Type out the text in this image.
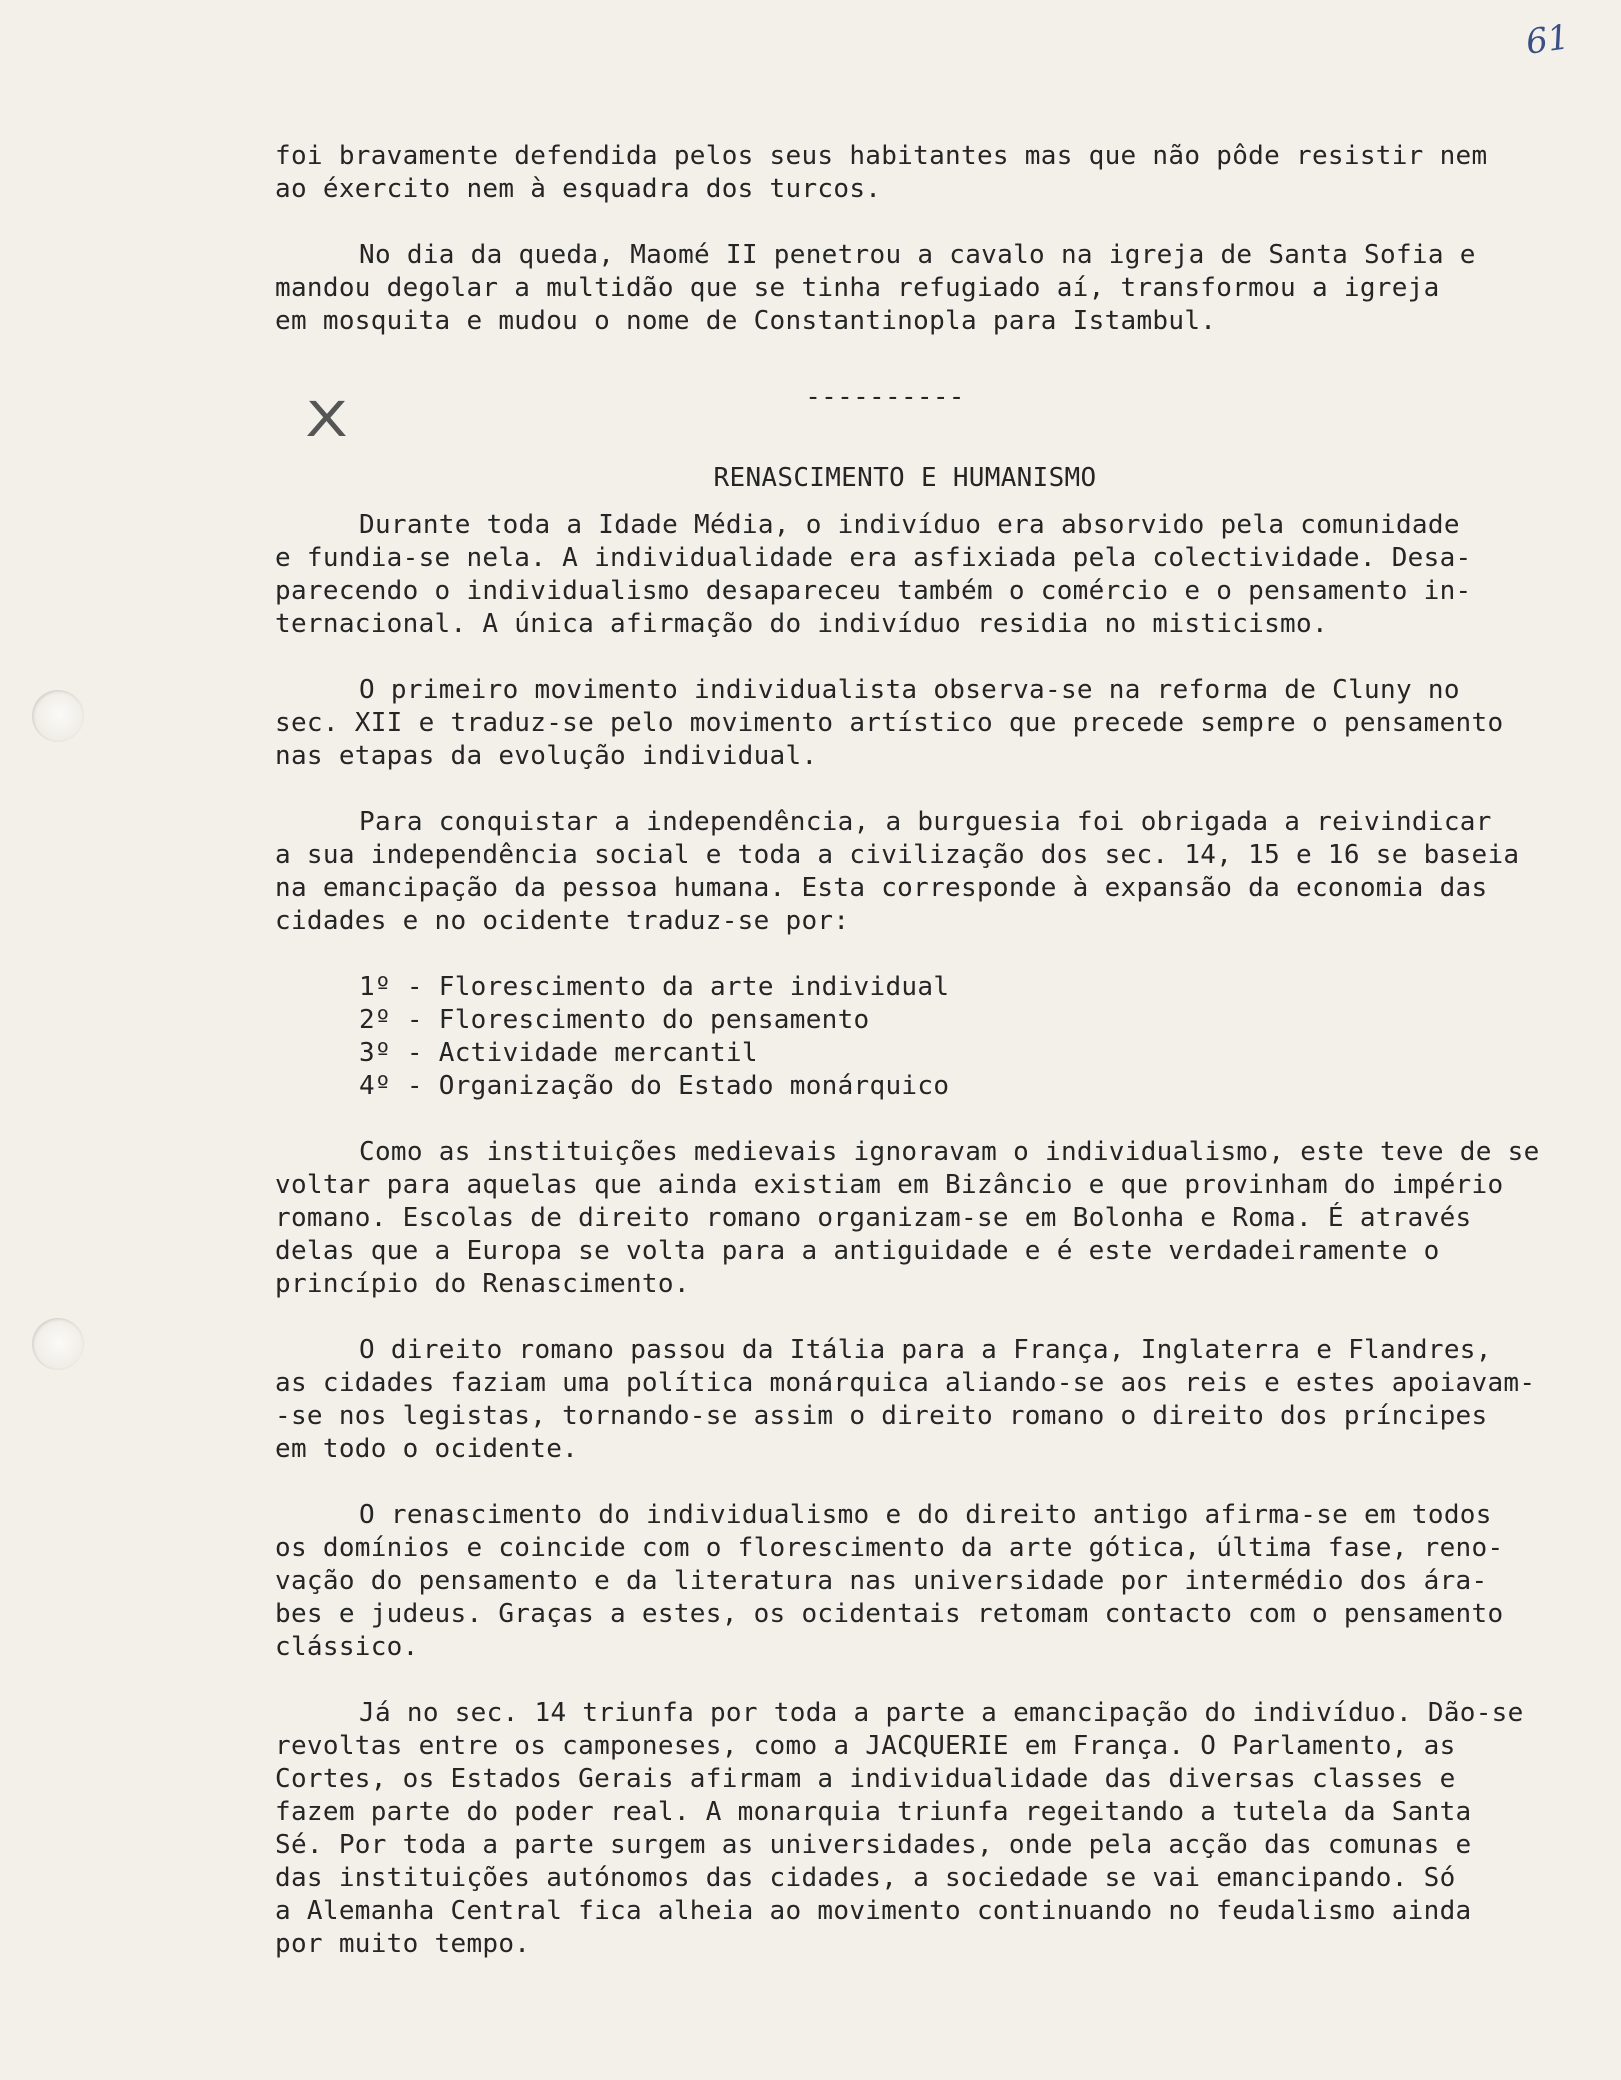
61
X
foi bravamente defendida pelos seus habitantes mas que não pôde resistir nem
ao éxercito nem à esquadra dos turcos.
No dia da queda, Maomé II penetrou a cavalo na igreja de Santa Sofia e
mandou degolar a multidão que se tinha refugiado aí, transformou a igreja
em mosquita e mudou o nome de Constantinopla para Istambul.
----------
RENASCIMENTO E HUMANISMO
Durante toda a Idade Média, o indivíduo era absorvido pela comunidade
e fundia-se nela. A individualidade era asfixiada pela colectividade. Desa-
parecendo o individualismo desapareceu também o comércio e o pensamento in-
ternacional. A única afirmação do indivíduo residia no misticismo.
O primeiro movimento individualista observa-se na reforma de Cluny no
sec. XII e traduz-se pelo movimento artístico que precede sempre o pensamento
nas etapas da evolução individual.
Para conquistar a independência, a burguesia foi obrigada a reivindicar
a sua independência social e toda a civilização dos sec. 14, 15 e 16 se baseia
na emancipação da pessoa humana. Esta corresponde à expansão da economia das
cidades e no ocidente traduz-se por:
1º - Florescimento da arte individual
2º - Florescimento do pensamento
3º - Actividade mercantil
4º - Organização do Estado monárquico
Como as instituições medievais ignoravam o individualismo, este teve de se
voltar para aquelas que ainda existiam em Bizâncio e que provinham do império
romano. Escolas de direito romano organizam-se em Bolonha e Roma. É através
delas que a Europa se volta para a antiguidade e é este verdadeiramente o
princípio do Renascimento.
O direito romano passou da Itália para a França, Inglaterra e Flandres,
as cidades faziam uma política monárquica aliando-se aos reis e estes apoiavam-
-se nos legistas, tornando-se assim o direito romano o direito dos príncipes
em todo o ocidente.
O renascimento do individualismo e do direito antigo afirma-se em todos
os domínios e coincide com o florescimento da arte gótica, última fase, reno-
vação do pensamento e da literatura nas universidade por intermédio dos ára-
bes e judeus. Graças a estes, os ocidentais retomam contacto com o pensamento
clássico.
Já no sec. 14 triunfa por toda a parte a emancipação do indivíduo. Dão-se
revoltas entre os camponeses, como a JACQUERIE em França. O Parlamento, as
Cortes, os Estados Gerais afirmam a individualidade das diversas classes e
fazem parte do poder real. A monarquia triunfa regeitando a tutela da Santa
Sé. Por toda a parte surgem as universidades, onde pela acção das comunas e
das instituições autónomos das cidades, a sociedade se vai emancipando. Só
a Alemanha Central fica alheia ao movimento continuando no feudalismo ainda
por muito tempo.
